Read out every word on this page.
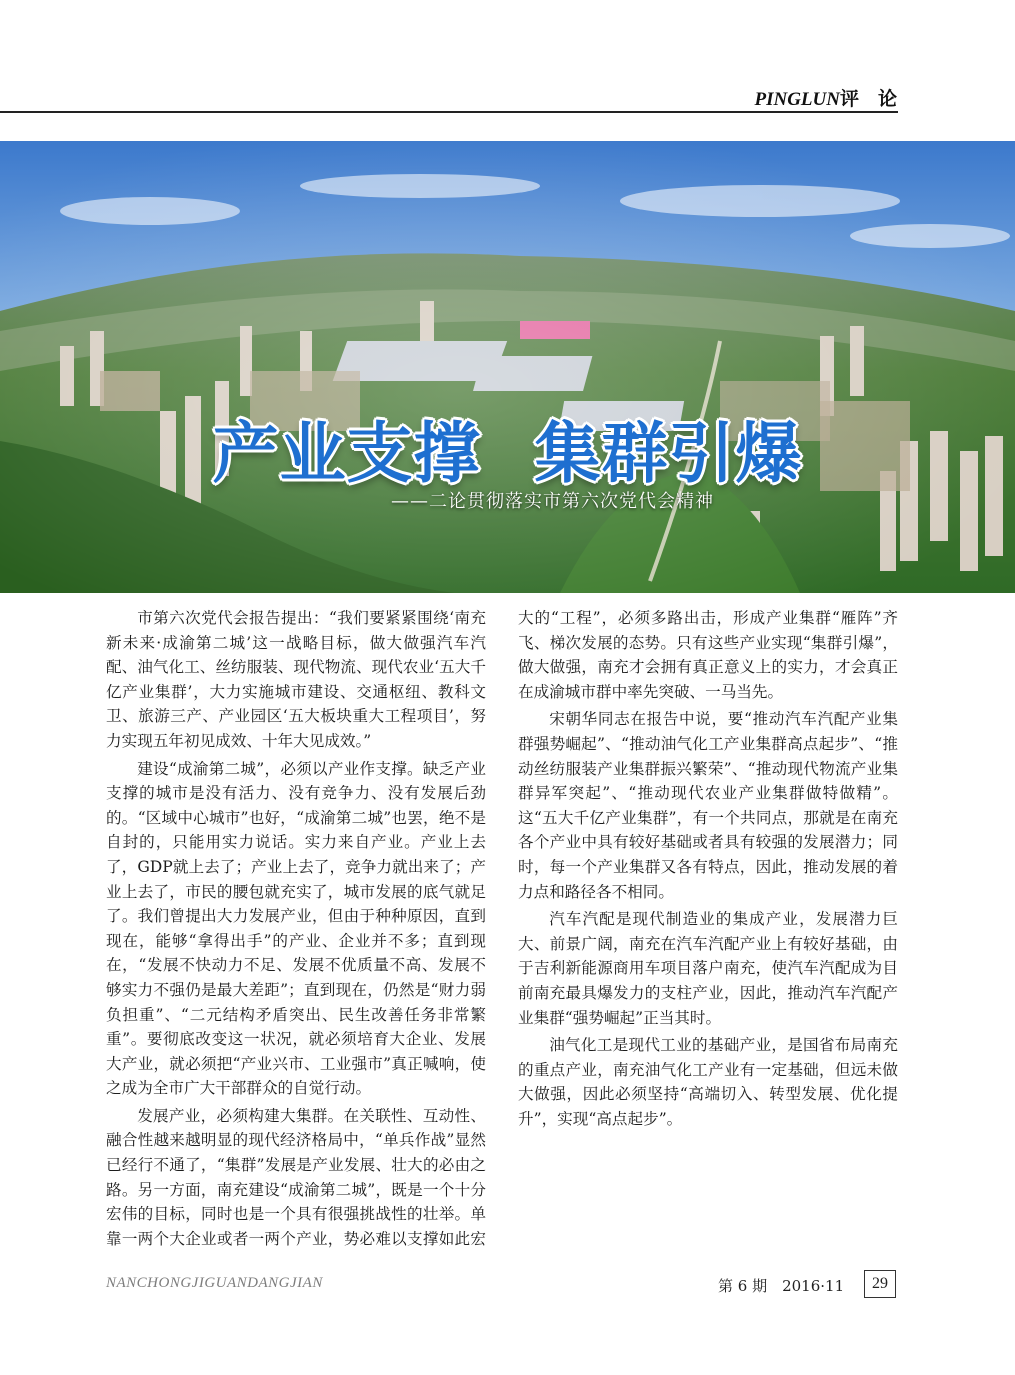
PINGLUN评　论
产业支撑 集群引爆
——二论贯彻落实市第六次党代会精神

市第六次党代会报告提出：“我们要紧紧围绕‘南充新未来·成渝第二城’这一战略目标，做大做强汽车汽配、油气化工、丝纺服装、现代物流、现代农业‘五大千亿产业集群’，大力实施城市建设、交通枢纽、教科文卫、旅游三产、产业园区‘五大板块重大工程项目’，努力实现五年初见成效、十年大见成效。”

建设“成渝第二城”，必须以产业作支撑。缺乏产业支撑的城市是没有活力、没有竞争力、没有发展后劲的。“区域中心城市”也好，“成渝第二城”也罢，绝不是自封的，只能用实力说话。实力来自产业。产业上去了，GDP就上去了；产业上去了，竞争力就出来了；产业上去了，市民的腰包就充实了，城市发展的底气就足了。我们曾提出大力发展产业，但由于种种原因，直到现在，能够“拿得出手”的产业、企业并不多；直到现在，“发展不快动力不足、发展不优质量不高、发展不够实力不强仍是最大差距”；直到现在，仍然是“财力弱负担重”、“二元结构矛盾突出、民生改善任务非常繁重”。要彻底改变这一状况，就必须培育大企业、发展大产业，就必须把“产业兴市、工业强市”真正喊响，使之成为全市广大干部群众的自觉行动。

发展产业，必须构建大集群。在关联性、互动性、融合性越来越明显的现代经济格局中，“单兵作战”显然已经行不通了，“集群”发展是产业发展、壮大的必由之路。另一方面，南充建设“成渝第二城”，既是一个十分宏伟的目标，同时也是一个具有很强挑战性的壮举。单靠一两个大企业或者一两个产业，势必难以支撑如此宏大的“工程”，必须多路出击，形成产业集群“雁阵”齐飞、梯次发展的态势。只有这些产业实现“集群引爆”，做大做强，南充才会拥有真正意义上的实力，才会真正在成渝城市群中率先突破、一马当先。

宋朝华同志在报告中说，要“推动汽车汽配产业集群强势崛起”、“推动油气化工产业集群高点起步”、“推动丝纺服装产业集群振兴繁荣”、“推动现代物流产业集群异军突起”、“推动现代农业产业集群做特做精”。这“五大千亿产业集群”，有一个共同点，那就是在南充各个产业中具有较好基础或者具有较强的发展潜力；同时，每一个产业集群又各有特点，因此，推动发展的着力点和路径各不相同。

汽车汽配是现代制造业的集成产业，发展潜力巨大、前景广阔，南充在汽车汽配产业上有较好基础，由于吉利新能源商用车项目落户南充，使汽车汽配成为目前南充最具爆发力的支柱产业，因此，推动汽车汽配产业集群“强势崛起”正当其时。

油气化工是现代工业的基础产业，是国省布局南充的重点产业，南充油气化工产业有一定基础，但远未做大做强，因此必须坚持“高端切入、转型发展、优化提升”，实现“高点起步”。

NANCHONGJIGUANDANGJIAN	第 6 期　2016·11	29
